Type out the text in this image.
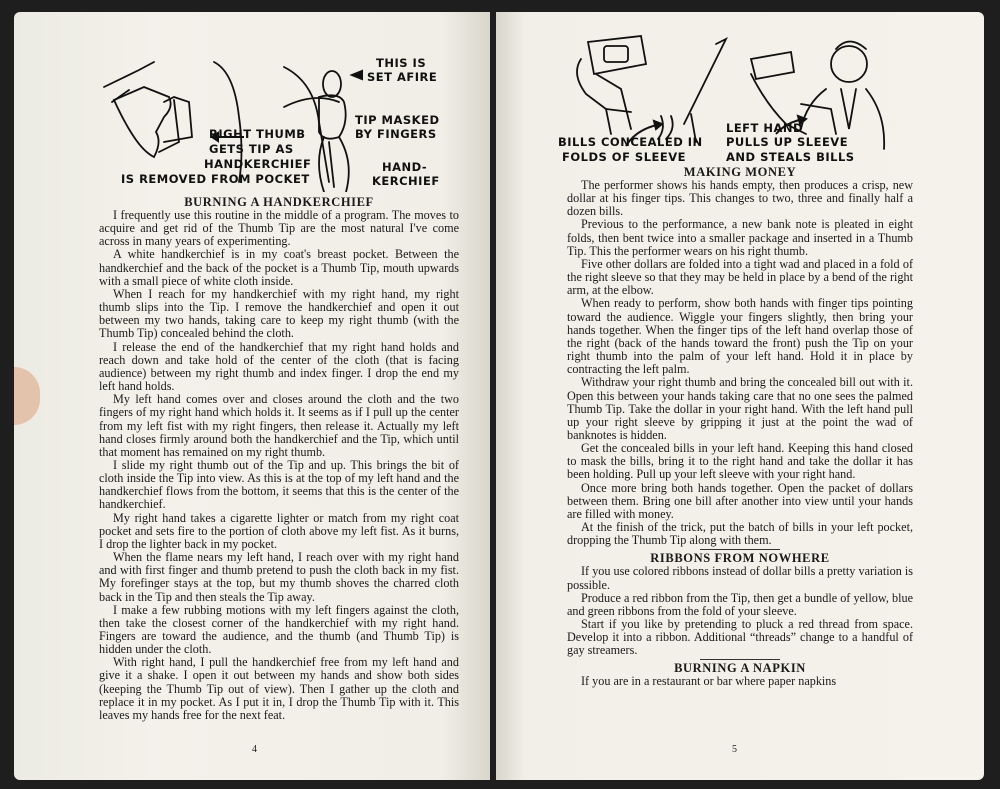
THIS IS
SET AFIRE
TIP MASKED
BY FINGERS
RIGHT THUMB
GETS TIP AS
HANDKERCHIEF
IS REMOVED FROM POCKET
HAND-
KERCHIEF
BURNING A HANDKERCHIEF

I frequently use this routine in the middle of a program. The moves to acquire and get rid of the Thumb Tip are the most natural I've come across in many years of experimenting.

A white handkerchief is in my coat's breast pocket. Between the handkerchief and the back of the pocket is a Thumb Tip, mouth upwards with a small piece of white cloth inside.

When I reach for my handkerchief with my right hand, my right thumb slips into the Tip. I remove the handkerchief and open it out between my two hands, taking care to keep my right thumb (with the Thumb Tip) concealed behind the cloth.

I release the end of the handkerchief that my right hand holds and reach down and take hold of the center of the cloth (that is facing audience) between my right thumb and index finger. I drop the end my left hand holds.

My left hand comes over and closes around the cloth and the two fingers of my right hand which holds it. It seems as if I pull up the center from my left fist with my right fingers, then release it. Actually my left hand closes firmly around both the handkerchief and the Tip, which until that moment has remained on my right thumb.

I slide my right thumb out of the Tip and up. This brings the bit of cloth inside the Tip into view. As this is at the top of my left hand and the handkerchief flows from the bottom, it seems that this is the center of the handkerchief.

My right hand takes a cigarette lighter or match from my right coat pocket and sets fire to the portion of cloth above my left fist. As it burns, I drop the lighter back in my pocket.

When the flame nears my left hand, I reach over with my right hand and with first finger and thumb pretend to push the cloth back in my fist. My forefinger stays at the top, but my thumb shoves the charred cloth back in the Tip and then steals the Tip away.

I make a few rubbing motions with my left fingers against the cloth, then take the closest corner of the handkerchief with my right hand. Fingers are toward the audience, and the thumb (and Thumb Tip) is hidden under the cloth.

With right hand, I pull the handkerchief free from my left hand and give it a shake. I open it out between my hands and show both sides (keeping the Thumb Tip out of view). Then I gather up the cloth and replace it in my pocket. As I put it in, I drop the Thumb Tip with it. This leaves my hands free for the next feat.

4
BILLS CONCEALED IN
FOLDS OF SLEEVE
LEFT HAND
PULLS UP SLEEVE
AND STEALS BILLS
MAKING MONEY

The performer shows his hands empty, then produces a crisp, new dollar at his finger tips. This changes to two, three and finally half a dozen bills.

Previous to the performance, a new bank note is pleated in eight folds, then bent twice into a smaller package and inserted in a Thumb Tip. This the performer wears on his right thumb.

Five other dollars are folded into a tight wad and placed in a fold of the right sleeve so that they may be held in place by a bend of the right arm, at the elbow.

When ready to perform, show both hands with finger tips pointing toward the audience. Wiggle your fingers slightly, then bring your hands together. When the finger tips of the left hand overlap those of the right (back of the hands toward the front) push the Tip on your right thumb into the palm of your left hand. Hold it in place by contracting the left palm.

Withdraw your right thumb and bring the concealed bill out with it. Open this between your hands taking care that no one sees the palmed Thumb Tip. Take the dollar in your right hand. With the left hand pull up your right sleeve by gripping it just at the point the wad of banknotes is hidden.

Get the concealed bills in your left hand. Keeping this hand closed to mask the bills, bring it to the right hand and take the dollar it has been holding. Pull up your left sleeve with your right hand.

Once more bring both hands together. Open the packet of dollars between them. Bring one bill after another into view until your hands are filled with money.

At the finish of the trick, put the batch of bills in your left pocket, dropping the Thumb Tip along with them.

RIBBONS FROM NOWHERE

If you use colored ribbons instead of dollar bills a pretty variation is possible.

Produce a red ribbon from the Tip, then get a bundle of yellow, blue and green ribbons from the fold of your sleeve.

Start if you like by pretending to pluck a red thread from space. Develop it into a ribbon. Additional “threads” change to a handful of gay streamers.

BURNING A NAPKIN

If you are in a restaurant or bar where paper napkins

5
